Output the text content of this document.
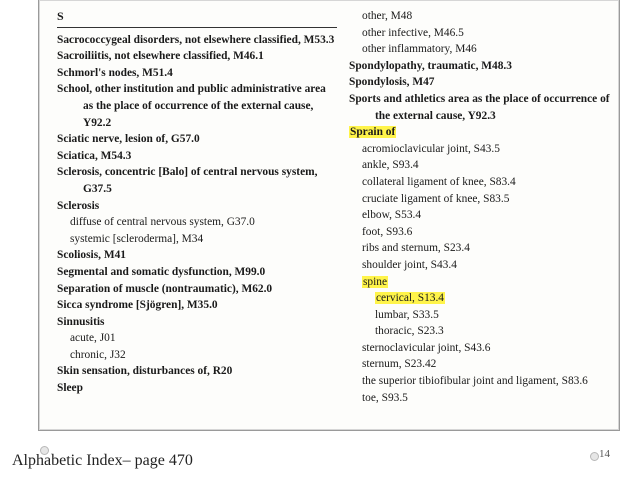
S
Sacrococcygeal disorders, not elsewhere classified, M53.3
Sacroiliitis, not elsewhere classified, M46.1
Schmorl's nodes, M51.4
School, other institution and public administrative area as the place of occurrence of the external cause, Y92.2
Sciatic nerve, lesion of, G57.0
Sciatica, M54.3
Sclerosis, concentric [Balo] of central nervous system, G37.5
Sclerosis
diffuse of central nervous system, G37.0
systemic [scleroderma], M34
Scoliosis, M41
Segmental and somatic dysfunction, M99.0
Separation of muscle (nontraumatic), M62.0
Sicca syndrome [Sjögren], M35.0
Sinnusitis
acute, J01
chronic, J32
Skin sensation, disturbances of, R20
Sleep
other, M48
other infective, M46.5
other inflammatory, M46
Spondylopathy, traumatic, M48.3
Spondylosis, M47
Sports and athletics area as the place of occurrence of the external cause, Y92.3
Sprain of
acromioclavicular joint, S43.5
ankle, S93.4
collateral ligament of knee, S83.4
cruciate ligament of knee, S83.5
elbow, S53.4
foot, S93.6
ribs and sternum, S23.4
shoulder joint, S43.4
spine
cervical, S13.4
lumbar, S33.5
thoracic, S23.3
sternoclavicular joint, S43.6
sternum, S23.42
the superior tibiofibular joint and ligament, S83.6
toe, S93.5
Alphabetic Index– page 470	14
